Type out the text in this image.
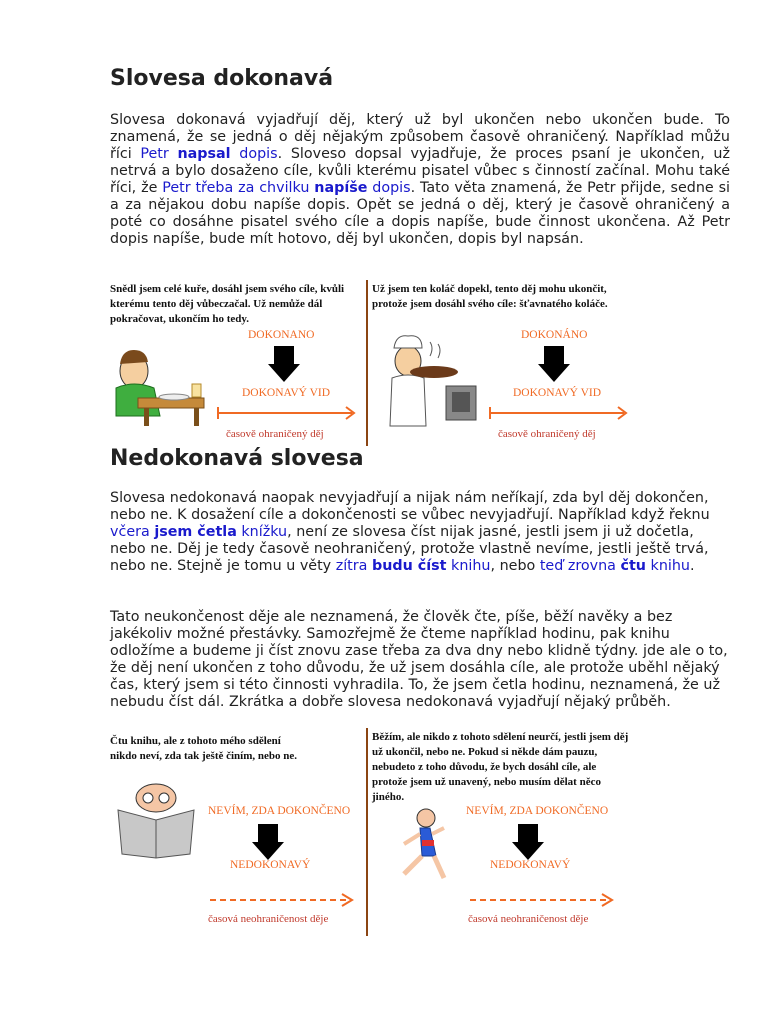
Slovesa dokonavá

Slovesa dokonavá vyjadřují děj, který už byl ukončen nebo ukončen bude. To znamená, že se jedná o děj nějakým způsobem časově ohraničený. Například můžu říci Petr napsal dopis. Sloveso dopsal vyjadřuje, že proces psaní je ukončen, už netrvá a bylo dosaženo cíle, kvůli kterému pisatel vůbec s činností začínal. Mohu také říci, že Petr třeba za chvilku napíše dopis. Tato věta znamená, že Petr přijde, sedne si a za nějakou dobu napíše dopis. Opět se jedná o děj, který je časově ohraničený a poté co dosáhne pisatel svého cíle a dopis napíše, bude činnost ukončena. Až Petr dopis napíše, bude mít hotovo, děj byl ukončen, dopis byl napsán.

Snědl jsem celé kuře, dosáhl jsem svého cíle, kvůli kterému tento děj vůbeczačal. Už nemůže dál pokračovat, ukončím ho tedy.
Už jsem ten koláč dopekl, tento děj mohu ukončit, protože jsem dosáhl svého cíle: šťavnatého koláče.
DOKONANO
DOKONAVÝ VID
časově ohraničený děj
DOKONÁNO
DOKONAVÝ VID
časově ohraničený děj
Nedokonavá slovesa

Slovesa nedokonavá naopak nevyjadřují a nijak nám neříkají, zda byl děj dokončen, nebo ne. K dosažení cíle a dokončenosti se vůbec nevyjadřují. Například když řeknu včera jsem četla knížku, není ze slovesa číst nijak jasné, jestli jsem ji už dočetla, nebo ne. Děj je tedy časově neohraničený, protože vlastně nevíme, jestli ještě trvá, nebo ne. Stejně je tomu u věty zítra budu číst knihu, nebo teď zrovna čtu knihu.

Tato neukončenost děje ale neznamená, že člověk čte, píše, běží navěky a bez jakékoliv možné přestávky. Samozřejmě že čteme například hodinu, pak knihu odložíme a budeme ji číst znovu zase třeba za dva dny nebo klidně týdny. jde ale o to, že děj není ukončen z toho důvodu, že už jsem dosáhla cíle, ale protože uběhl nějaký čas, který jsem si této činnosti vyhradila. To, že jsem četla hodinu, neznamená, že už nebudu číst dál. Zkrátka a dobře slovesa nedokonavá vyjadřují nějaký průběh.

Čtu knihu, ale z tohoto mého sdělení nikdo neví, zda tak ještě činím, nebo ne.
Běžím, ale nikdo z tohoto sdělení neurčí, jestli jsem děj už ukončil, nebo ne. Pokud si někde dám pauzu, nebudeto z toho důvodu, že bych dosáhl cíle, ale protože jsem už unavený, nebo musím dělat něco jiného.
NEVÍM, ZDA DOKONČENO
NEDOKONAVÝ
časová neohraničenost děje
NEVÍM, ZDA DOKONČENO
NEDOKONAVÝ
časová neohraničenost děje
